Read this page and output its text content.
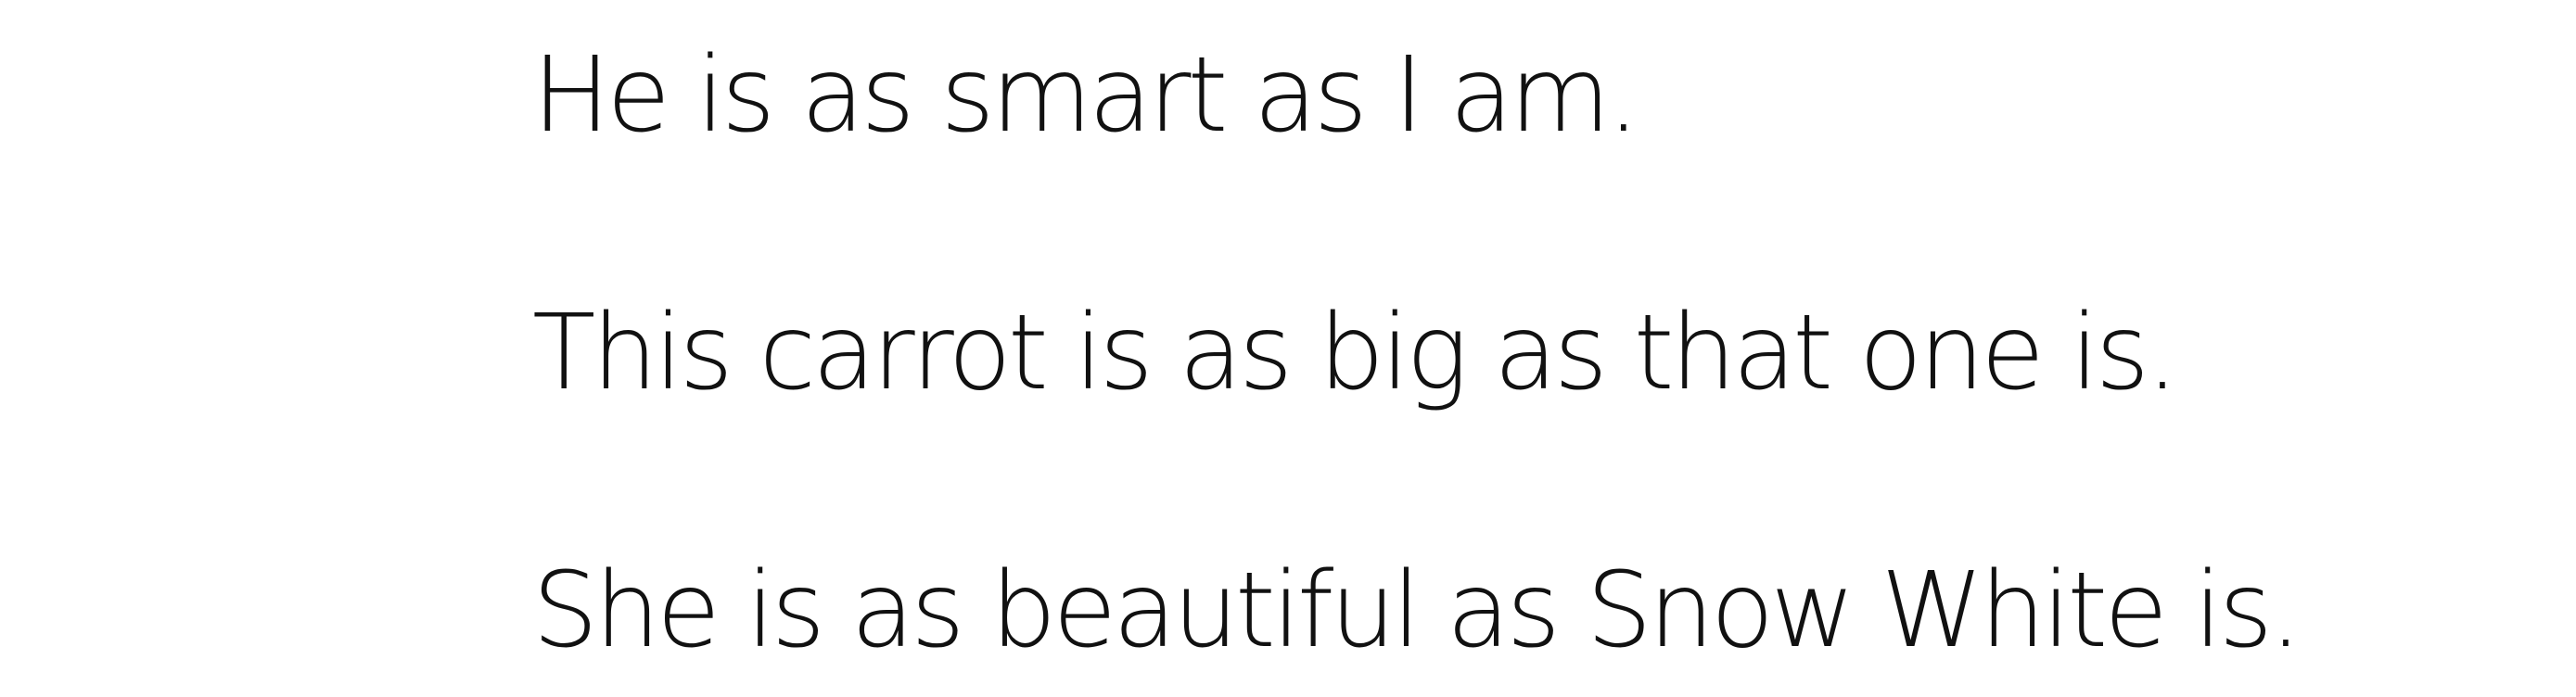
He is as smart as I am.
This carrot is as big as that one is.
She is as beautiful as Snow White is.
